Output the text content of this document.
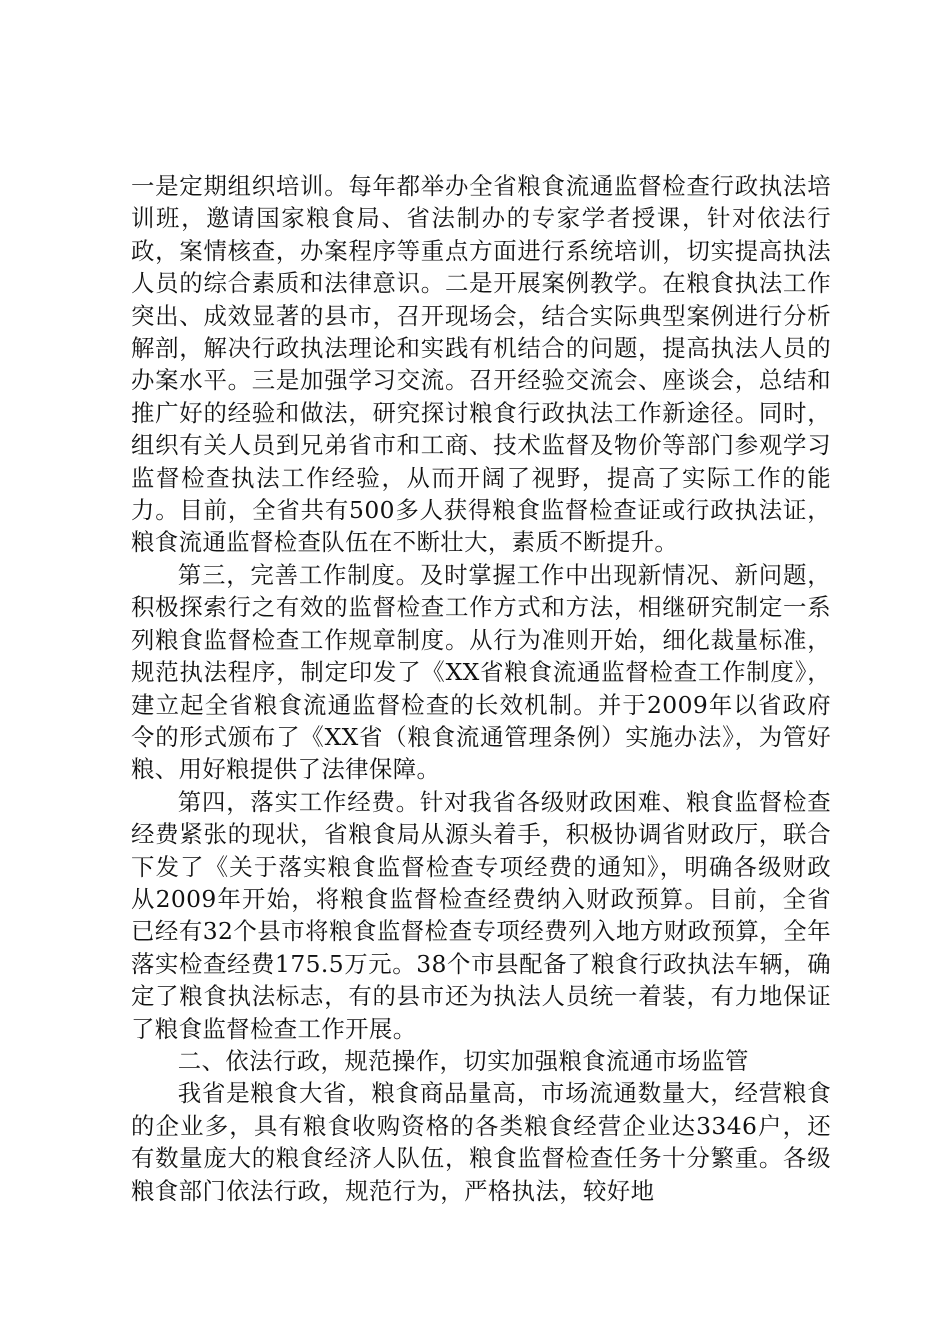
一是定期组织培训。每年都举办全省粮食流通监督检查行政执法培训班，邀请国家粮食局、省法制办的专家学者授课，针对依法行政，案情核查，办案程序等重点方面进行系统培训，切实提高执法人员的综合素质和法律意识。二是开展案例教学。在粮食执法工作突出、成效显著的县市，召开现场会，结合实际典型案例进行分析解剖，解决行政执法理论和实践有机结合的问题，提高执法人员的办案水平。三是加强学习交流。召开经验交流会、座谈会，总结和推广好的经验和做法，研究探讨粮食行政执法工作新途径。同时，组织有关人员到兄弟省市和工商、技术监督及物价等部门参观学习监督检查执法工作经验，从而开阔了视野，提高了实际工作的能力。目前，全省共有500多人获得粮食监督检查证或行政执法证，粮食流通监督检查队伍在不断壮大，素质不断提升。

第三，完善工作制度。及时掌握工作中出现新情况、新问题，积极探索行之有效的监督检查工作方式和方法，相继研究制定一系列粮食监督检查工作规章制度。从行为准则开始，细化裁量标准，规范执法程序，制定印发了《XX省粮食流通监督检查工作制度》，建立起全省粮食流通监督检查的长效机制。并于2009年以省政府令的形式颁布了《XX省（粮食流通管理条例）实施办法》，为管好粮、用好粮提供了法律保障。

第四，落实工作经费。针对我省各级财政困难、粮食监督检查经费紧张的现状，省粮食局从源头着手，积极协调省财政厅，联合下发了《关于落实粮食监督检查专项经费的通知》，明确各级财政从2009年开始，将粮食监督检查经费纳入财政预算。目前，全省已经有32个县市将粮食监督检查专项经费列入地方财政预算，全年落实检查经费175.5万元。38个市县配备了粮食行政执法车辆，确定了粮食执法标志，有的县市还为执法人员统一着装，有力地保证了粮食监督检查工作开展。

二、依法行政，规范操作，切实加强粮食流通市场监管

我省是粮食大省，粮食商品量高，市场流通数量大，经营粮食的企业多，具有粮食收购资格的各类粮食经营企业达3346户，还有数量庞大的粮食经济人队伍，粮食监督检查任务十分繁重。各级粮食部门依法行政，规范行为，严格执法，较好地
